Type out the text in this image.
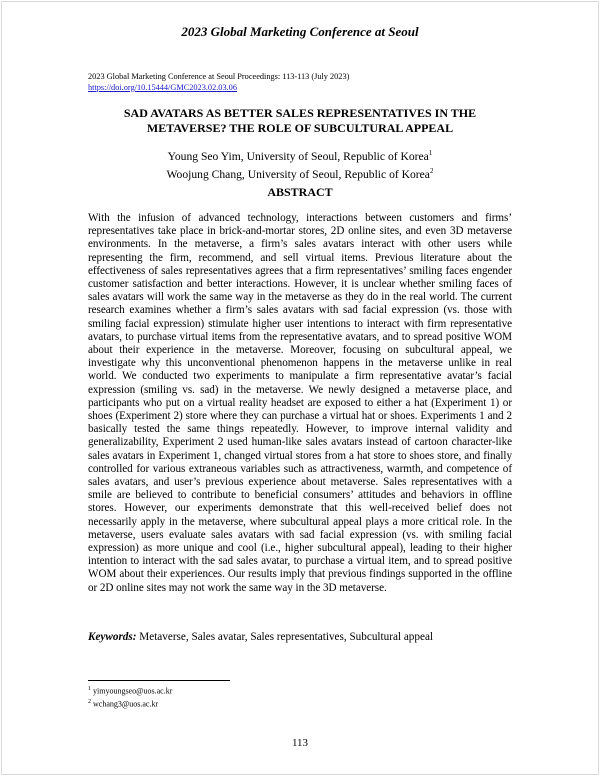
2023 Global Marketing Conference at Seoul
2023 Global Marketing Conference at Seoul Proceedings: 113-113 (July 2023)
https://doi.org/10.15444/GMC2023.02.03.06
SAD AVATARS AS BETTER SALES REPRESENTATIVES IN THE
METAVERSE? THE ROLE OF SUBCULTURAL APPEAL
Young Seo Yim, University of Seoul, Republic of Korea$^1$
Woojung Chang, University of Seoul, Republic of Korea$^2$
ABSTRACT

With the infusion of advanced technology, interactions between customers and firms’ representatives take place in brick-and-mortar stores, 2D online sites, and even 3D metaverse environments. In the metaverse, a firm’s sales avatars interact with other users while representing the firm, recommend, and sell virtual items. Previous literature about the effectiveness of sales representatives agrees that a firm representatives’ smiling faces engender customer satisfaction and better interactions. However, it is unclear whether smiling faces of sales avatars will work the same way in the metaverse as they do in the real world. The current research examines whether a firm’s sales avatars with sad facial expression (vs. those with smiling facial expression) stimulate higher user intentions to interact with firm representative avatars, to purchase virtual items from the representative avatars, and to spread positive WOM about their experience in the metaverse. Moreover, focusing on subcultural appeal, we investigate why this unconventional phenomenon happens in the metaverse unlike in real world. We conducted two experiments to manipulate a firm representative avatar’s facial expression (smiling vs. sad) in the metaverse. We newly designed a metaverse place, and participants who put on a virtual reality headset are exposed to either a hat (Experiment 1) or shoes (Experiment 2) store where they can purchase a virtual hat or shoes. Experiments 1 and 2 basically tested the same things repeatedly. However, to improve internal validity and generalizability, Experiment 2 used human-like sales avatars instead of cartoon character-like sales avatars in Experiment 1, changed virtual stores from a hat store to shoes store, and finally controlled for various extraneous variables such as attractiveness, warmth, and competence of sales avatars, and user’s previous experience about metaverse. Sales representatives with a smile are believed to contribute to beneficial consumers’ attitudes and behaviors in offline stores. However, our experiments demonstrate that this well-received belief does not necessarily apply in the metaverse, where subcultural appeal plays a more critical role. In the metaverse, users evaluate sales avatars with sad facial expression (vs. with smiling facial expression) as more unique and cool (i.e., higher subcultural appeal), leading to their higher intention to interact with the sad sales avatar, to purchase a virtual item, and to spread positive WOM about their experiences. Our results imply that previous findings supported in the offline or 2D online sites may not work the same way in the 3D metaverse.

Keywords: Metaverse, Sales avatar, Sales representatives, Subcultural appeal
$^1$ yimyoungseo@uos.ac.kr
$^2$ wchang3@uos.ac.kr
113
